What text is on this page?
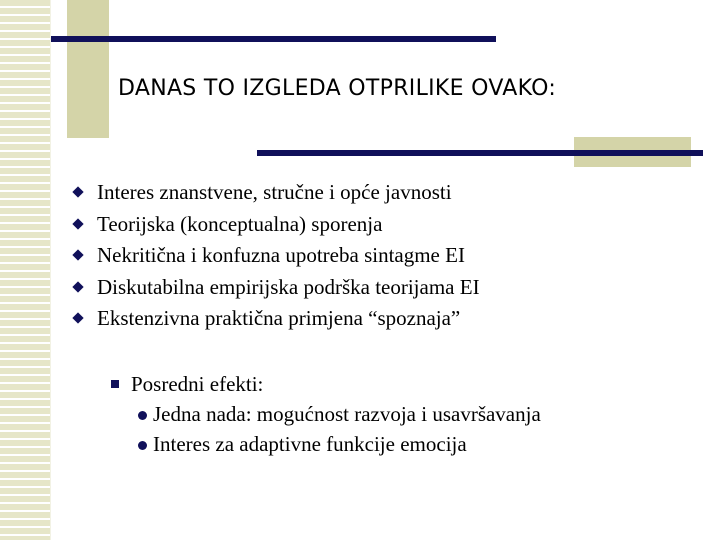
DANAS TO IZGLEDA OTPRILIKE OVAKO:
Interes znanstvene, stručne i opće javnosti
Teorijska (konceptualna) sporenja
Nekritična i konfuzna upotreba sintagme EI
Diskutabilna empirijska podrška teorijama EI
Ekstenzivna praktična primjena “spoznaja”
Posredni efekti:
Jedna nada: mogućnost razvoja i usavršavanja
Interes za adaptivne funkcije emocija
